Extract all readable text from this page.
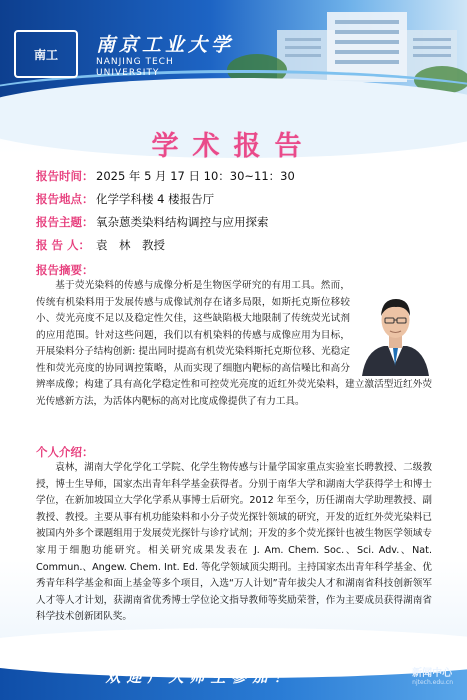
南工	南京工业大学
NANJING TECH
UNIVERSITY
学术报告
报告时间： 2025 年 5 月 17 日 10：30~11：30
报告地点： 化学学科楼 4 楼报告厅
报告主题： 氧杂蒽类染料结构调控与应用探索
报 告 人： 袁　林　教授
报告摘要：

基于荧光染料的传感与成像分析是生物医学研究的有用工具。然而，传统有机染料用于发展传感与成像试剂存在诸多局限，如斯托克斯位移较小、荧光亮度不足以及稳定性欠佳，这些缺陷极大地限制了传统荧光试剂的应用范围。针对这些问题，我们以有机染料的传感与成像应用为目标，开展染料分子结构创新: 提出同时提高有机荧光染料斯托克斯位移、光稳定性和荧光亮度的协同调控策略，从而实现了细胞内靶标的高信噪比和高分辨率成像；构建了具有高化学稳定性和可控荧光亮度的近红外荧光染料，建立激活型近红外荧光传感新方法，为活体内靶标的高对比度成像提供了有力工具。

个人介绍：

袁林，湖南大学化学化工学院、化学生物传感与计量学国家重点实验室长聘教授、二级教授，博士生导师，国家杰出青年科学基金获得者。分别于南华大学和湖南大学获得学士和博士学位，在新加坡国立大学化学系从事博士后研究。2012 年至今，历任湖南大学助理教授、副教授、教授。主要从事有机功能染料和小分子荧光探针领域的研究，开发的近红外荧光染料已被国内外多个课题组用于发展荧光探针与诊疗试剂；开发的多个荧光探针也被生物医学领域专家用于细胞功能研究。相关研究成果发表在 J. Am. Chem. Soc.、Sci. Adv.、Nat. Commun.、Angew. Chem. Int. Ed. 等化学领域顶尖期刊。主持国家杰出青年科学基金、优秀青年科学基金和面上基金等多个项目，入选“万人计划”青年拔尖人才和湖南省科技创新领军人才等人才计划，获湖南省优秀博士学位论文指导教师等奖励荣誉，作为主要成员获得湖南省科学技术创新团队奖。

欢迎广大师生参加！	新闻中心
njtech.edu.cn
